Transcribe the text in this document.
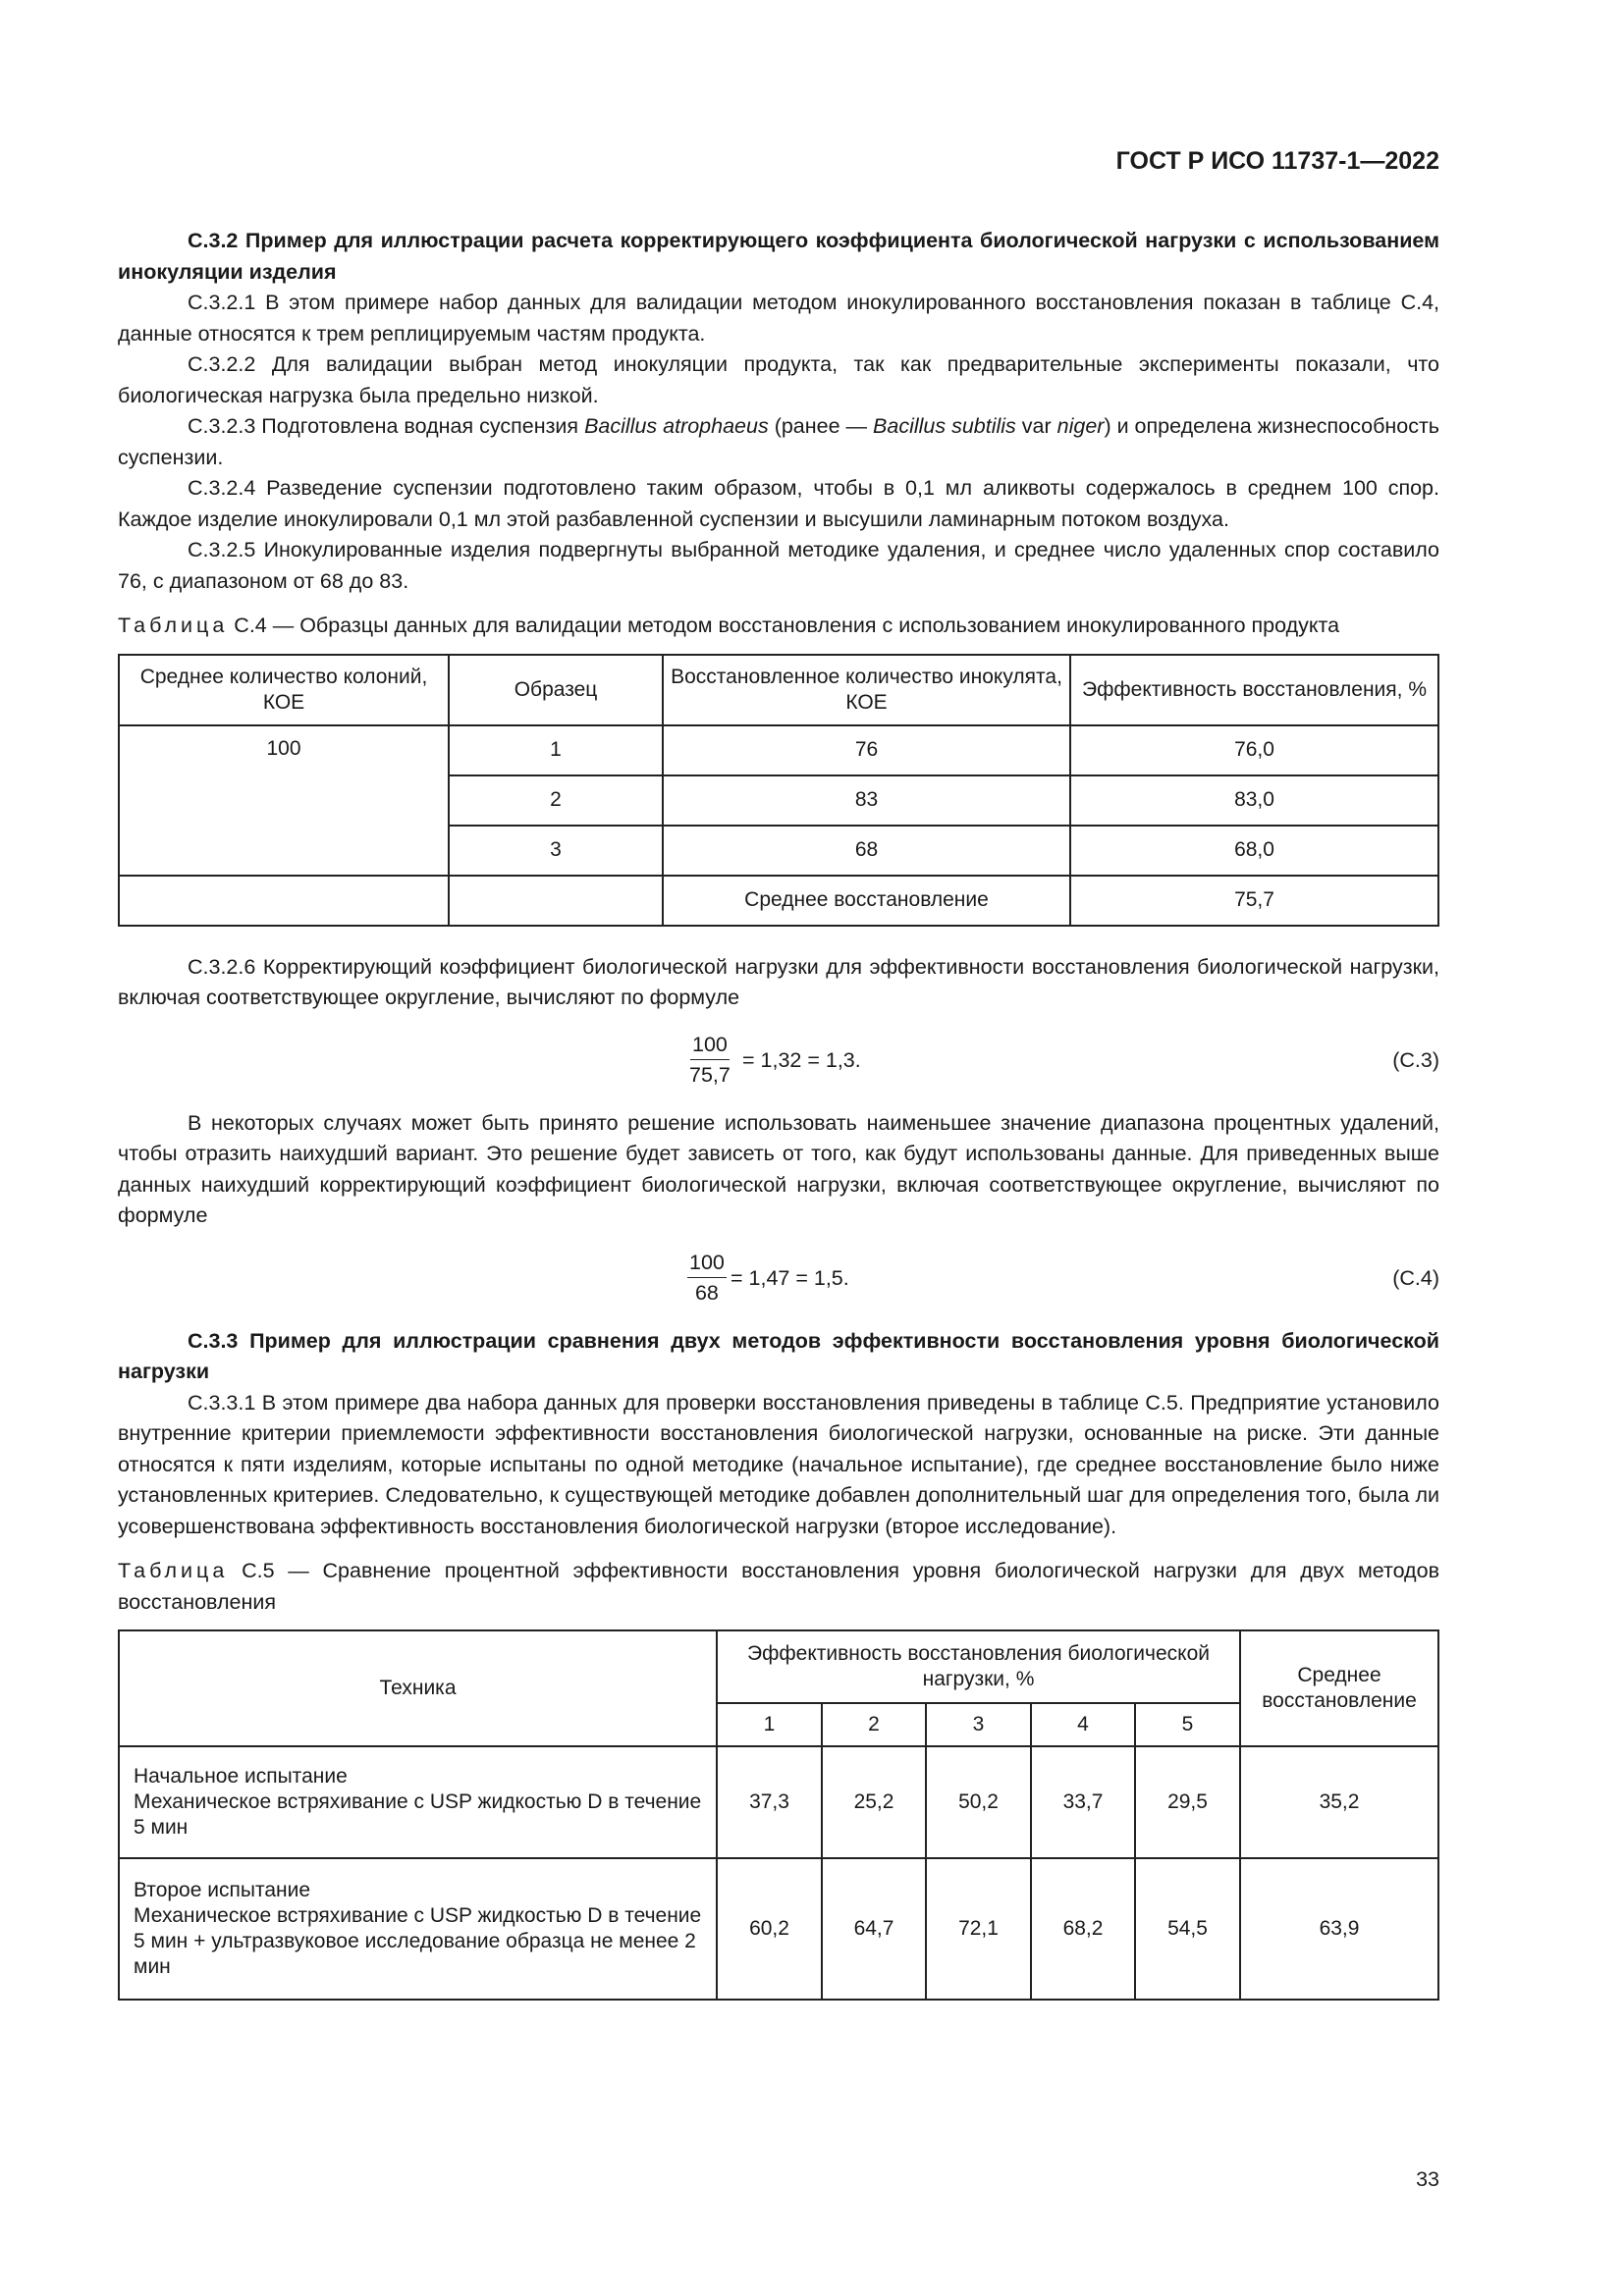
ГОСТ Р ИСО 11737-1—2022

С.3.2 Пример для иллюстрации расчета корректирующего коэффициента биологической нагрузки с использованием инокуляции изделия

С.3.2.1 В этом примере набор данных для валидации методом инокулированного восстановления показан в таблице С.4, данные относятся к трем реплицируемым частям продукта.

С.3.2.2 Для валидации выбран метод инокуляции продукта, так как предварительные эксперименты показали, что биологическая нагрузка была предельно низкой.

С.3.2.3 Подготовлена водная суспензия Bacillus atrophaeus (ранее — Bacillus subtilis var niger) и определена жизнеспособность суспензии.

С.3.2.4 Разведение суспензии подготовлено таким образом, чтобы в 0,1 мл аликвоты содержалось в среднем 100 спор. Каждое изделие инокулировали 0,1 мл этой разбавленной суспензии и высушили ламинарным потоком воздуха.

С.3.2.5 Инокулированные изделия подвергнуты выбранной методике удаления, и среднее число удаленных спор составило 76, с диапазоном от 68 до 83.

Таблица С.4 — Образцы данных для валидации методом восстановления с использованием инокулированного продукта

Среднее количество колоний, КОЕ	Образец	Восстановленное количество инокулята, КОЕ	Эффективность восстановления, %
100	1	76	76,0
	2	83	83,0
	3	68	68,0
		Среднее восстановление	75,7

С.3.2.6 Корректирующий коэффициент биологической нагрузки для эффективности восстановления биологической нагрузки, включая соответствующее округление, вычисляют по формуле

$\frac{100}{75,7} = 1,32 = 1,3$.	(С.3)

В некоторых случаях может быть принято решение использовать наименьшее значение диапазона процентных удалений, чтобы отразить наихудший вариант. Это решение будет зависеть от того, как будут использованы данные. Для приведенных выше данных наихудший корректирующий коэффициент биологической нагрузки, включая соответствующее округление, вычисляют по формуле

$\frac{100}{68} = 1,47 = 1,5$.	(С.4)

С.3.3 Пример для иллюстрации сравнения двух методов эффективности восстановления уровня биологической нагрузки

С.3.3.1 В этом примере два набора данных для проверки восстановления приведены в таблице С.5. Предприятие установило внутренние критерии приемлемости эффективности восстановления биологической нагрузки, основанные на риске. Эти данные относятся к пяти изделиям, которые испытаны по одной методике (начальное испытание), где среднее восстановление было ниже установленных критериев. Следовательно, к существующей методике добавлен дополнительный шаг для определения того, была ли усовершенствована эффективность восстановления биологической нагрузки (второе исследование).

Таблица С.5 — Сравнение процентной эффективности восстановления уровня биологической нагрузки для двух методов восстановления

Техника	Эффективность восстановления биологической нагрузки, %					Среднее восстановление
	1	2	3	4	5	

Начальное испытание
Механическое встряхивание с USP жидкостью D в течение 5 мин	37,3	25,2	50,2	33,7	29,5	35,2

Второе испытание
Механическое встряхивание с USP жидкостью D в течение 5 мин + ультразвуковое исследование образца не менее 2 мин	60,2	64,7	72,1	68,2	54,5	63,9
33
